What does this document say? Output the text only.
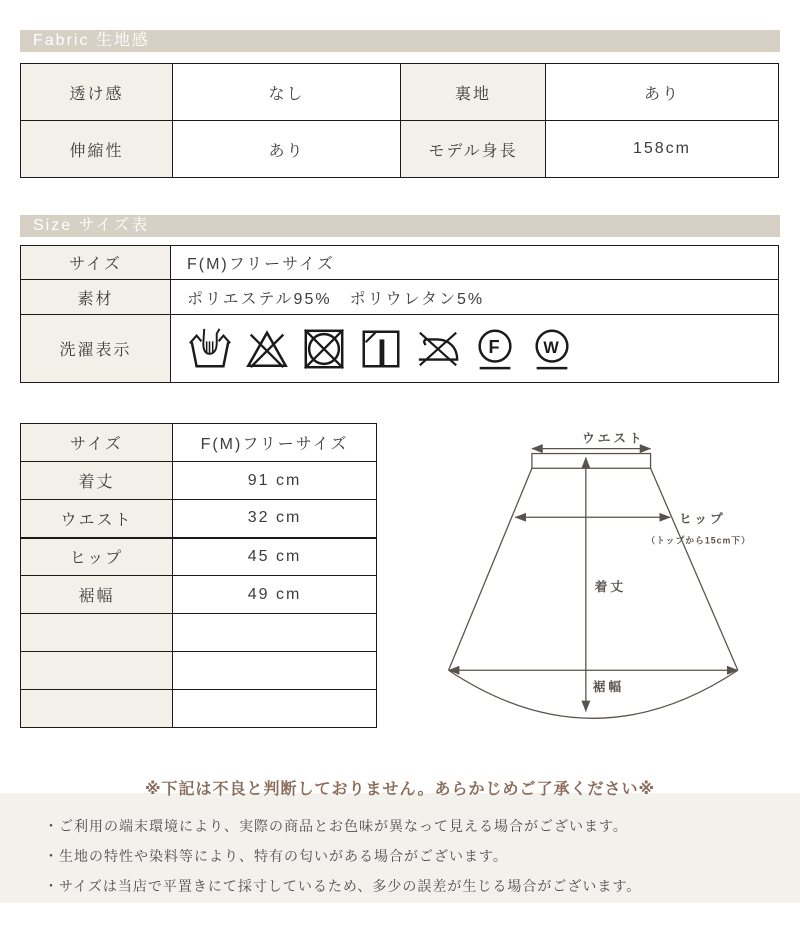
Fabric 生地感
透け感	なし	裏地	あり
伸縮性	あり	モデル身長	158cm
Size サイズ表
サイズ	F(M)フリーサイズ
素材	ポリエステル95%　ポリウレタン5%
洗濯表示	F W
サイズ	F(M)フリーサイズ
着丈	91 cm
ウエスト	32 cm
ヒップ	45 cm
裾幅	49 cm

ウエスト
ヒップ
（トップから15cm下）
着丈
裾幅
※下記は不良と判断しておりません。あらかじめご了承ください※
・ご利用の端末環境により、実際の商品とお色味が異なって見える場合がございます。
・生地の特性や染料等により、特有の匂いがある場合がございます。
・サイズは当店で平置きにて採寸しているため、多少の誤差が生じる場合がございます。
